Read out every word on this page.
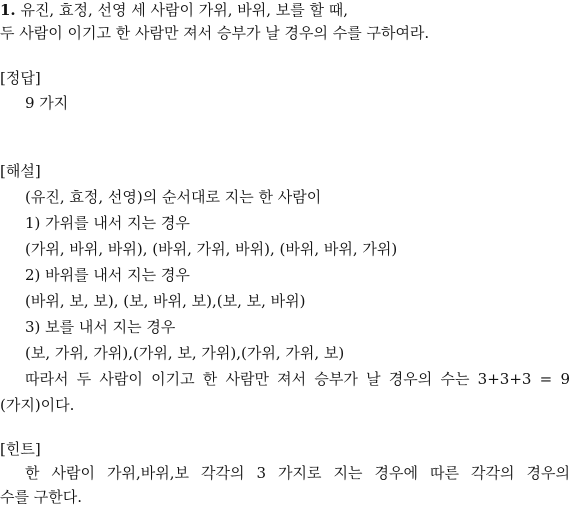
1. 유진, 효정, 선영 세 사람이 가위, 바위, 보를 할 때,
두 사람이 이기고 한 사람만 져서 승부가 날 경우의 수를 구하여라.
[정답]
9 가지
[해설]
(유진, 효정, 선영)의 순서대로 지는 한 사람이
1) 가위를 내서 지는 경우
(가위, 바위, 바위), (바위, 가위, 바위), (바위, 바위, 가위)
2) 바위를 내서 지는 경우
(바위, 보, 보), (보, 바위, 보),(보, 보, 바위)
3) 보를 내서 지는 경우
(보, 가위, 가위),(가위, 보, 가위),(가위, 가위, 보)
따라서 두 사람이 이기고 한 사람만 져서 승부가 날 경우의 수는 3+3+3 = 9
(가지)이다.
[힌트]
한 사람이 가위,바위,보 각각의 3 가지로 지는 경우에 따른 각각의 경우의
수를 구한다.
